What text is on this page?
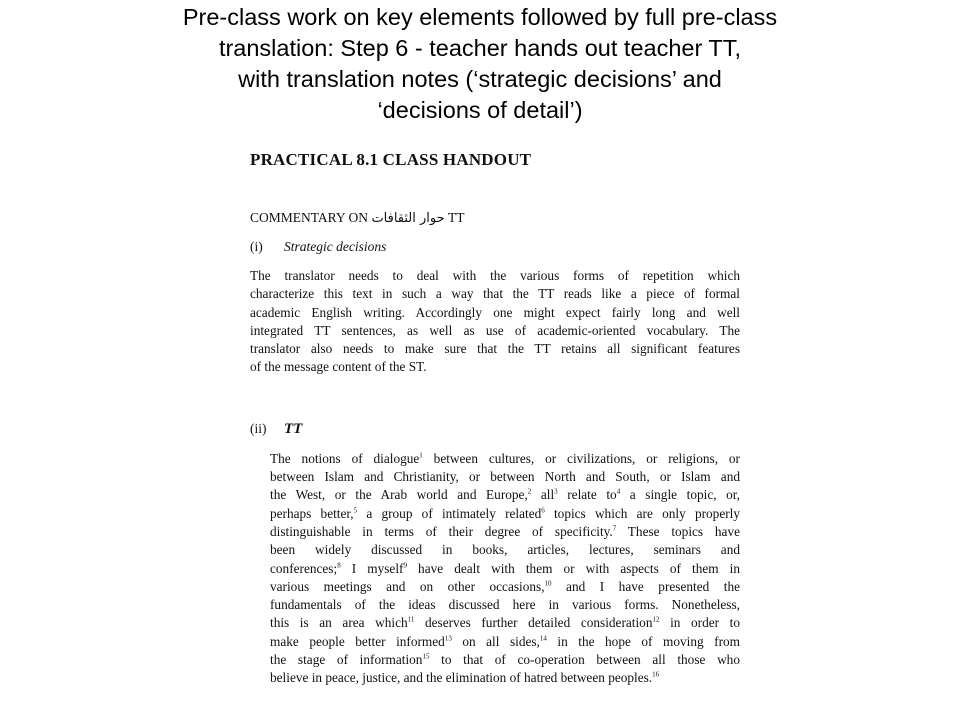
Pre-class work on key elements followed by full pre-class
translation: Step 6 - teacher hands out teacher TT,
with translation notes (‘strategic decisions’ and
‘decisions of detail’)
PRACTICAL 8.1 CLASS HANDOUT
COMMENTARY ON حوار الثقافات TT
(i) Strategic decisions
The translator needs to deal with the various forms of repetition which
characterize this text in such a way that the TT reads like a piece of formal
academic English writing. Accordingly one might expect fairly long and well
integrated TT sentences, as well as use of academic-oriented vocabulary. The
translator also needs to make sure that the TT retains all significant features
of the message content of the ST.
(ii) TT
The notions of dialogue$^1$ between cultures, or civilizations, or religions, or
between Islam and Christianity, or between North and South, or Islam and
the West, or the Arab world and Europe,$^2$ all$^3$ relate $to^4$ a single topic, or,
perhaps better,$^5$ a group of intimately related$^6$ topics which are only properly
distinguishable in terms of their degree of specificity.$^7$ These topics have
been widely discussed in books, articles, lectures, seminars and
conferences;$^8$ I myself$^9$ have dealt with them or with aspects of them in
various meetings and on other occasions,$^{10}$ and I have presented the
fundamentals of the ideas discussed here in various forms. Nonetheless,
this is an area which$^{11}$ deserves further detailed consideration$^{12}$ in order to
make people better informed$^{13}$ on all sides,$^{14}$ in the hope of moving from
the stage of information$^{15}$ to that of co-operation between all those who
believe in peace, justice, and the elimination of hatred between peoples.$^{16}$
